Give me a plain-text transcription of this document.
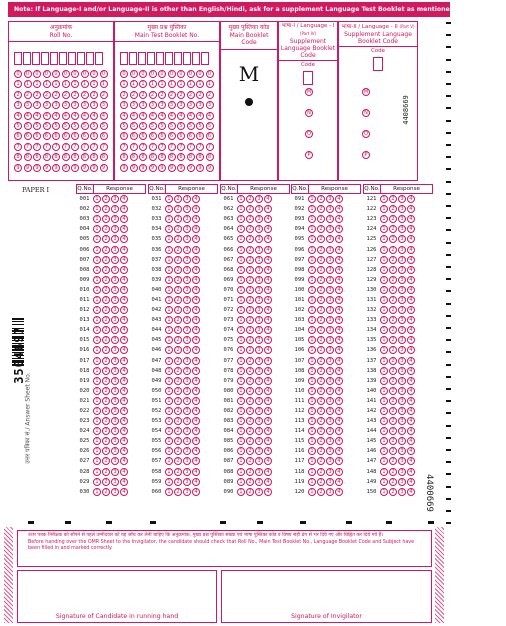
Note: If Language-I and/or Language-II is other than English/Hindi, ask for a supplement Language Test Booklet as mentioned in Admit card.
अनुक्रमांक
Roll No.
0	0	0	0	0	0	0	0	0	0
1	1	1	1	1	1	1	1	1	1
2	2	2	2	2	2	2	2	2	2
3	3	3	3	3	3	3	3	3	3
4	4	4	4	4	4	4	4	4	4
5	5	5	5	5	5	5	5	5	5
6	6	6	6	6	6	6	6	6	6
7	7	7	7	7	7	7	7	7	7
8	8	8	8	8	8	8	8	8	8
9	9	9	9	9	9	9	9	9	9
मुख्य प्रश्न पुस्तिका
Main Test Booklet No.
0	0	0	0	0	0	0	0	0	0
1	1	1	1	1	1	1	1	1	1
2	2	2	2	2	2	2	2	2	2
3	3	3	3	3	3	3	3	3	3
4	4	4	4	4	4	4	4	4	4
5	5	5	5	5	5	5	5	5	5
6	6	6	6	6	6	6	6	6	6
7	7	7	7	7	7	7	7	7	7
8	8	8	8	8	8	8	8	8	8
9	9	9	9	9	9	9	9	9	9
मुख्य पुस्तिका कोड
Main Booklet Code
M
भाषा-I / Language - I (Part IV)
Supplement Language Booklet Code
Code
M
N
O
P
भाषा-II / Language - II (Part V)
Supplement Language Booklet Code
Code
M
N
O
P
4408669
PAPER I	Q.No.	Response
001	1	2	3	4
002	1	2	3	4
003	1	2	3	4
004	1	2	3	4
005	1	2	3	4
006	1	2	3	4
007	1	2	3	4
008	1	2	3	4
009	1	2	3	4
010	1	2	3	4
011	1	2	3	4
012	1	2	3	4
013	1	2	3	4
014	1	2	3	4
015	1	2	3	4
016	1	2	3	4
017	1	2	3	4
018	1	2	3	4
019	1	2	3	4
020	1	2	3	4
021	1	2	3	4
022	1	2	3	4
023	1	2	3	4
024	1	2	3	4
025	1	2	3	4
026	1	2	3	4
027	1	2	3	4
028	1	2	3	4
029	1	2	3	4
030	1	2	3	4
Q.No.	Response
031	1	2	3	4
032	1	2	3	4
033	1	2	3	4
034	1	2	3	4
035	1	2	3	4
036	1	2	3	4
037	1	2	3	4
038	1	2	3	4
039	1	2	3	4
040	1	2	3	4
041	1	2	3	4
042	1	2	3	4
043	1	2	3	4
044	1	2	3	4
045	1	2	3	4
046	1	2	3	4
047	1	2	3	4
048	1	2	3	4
049	1	2	3	4
050	1	2	3	4
051	1	2	3	4
052	1	2	3	4
053	1	2	3	4
054	1	2	3	4
055	1	2	3	4
056	1	2	3	4
057	1	2	3	4
058	1	2	3	4
059	1	2	3	4
060	1	2	3	4
Q.No.	Response
061	1	2	3	4
062	1	2	3	4
063	1	2	3	4
064	1	2	3	4
065	1	2	3	4
066	1	2	3	4
067	1	2	3	4
068	1	2	3	4
069	1	2	3	4
070	1	2	3	4
071	1	2	3	4
072	1	2	3	4
073	1	2	3	4
074	1	2	3	4
075	1	2	3	4
076	1	2	3	4
077	1	2	3	4
078	1	2	3	4
079	1	2	3	4
080	1	2	3	4
081	1	2	3	4
082	1	2	3	4
083	1	2	3	4
084	1	2	3	4
085	1	2	3	4
086	1	2	3	4
087	1	2	3	4
088	1	2	3	4
089	1	2	3	4
090	1	2	3	4
Q.No.	Response
091	1	2	3	4
092	1	2	3	4
093	1	2	3	4
094	1	2	3	4
095	1	2	3	4
096	1	2	3	4
097	1	2	3	4
098	1	2	3	4
099	1	2	3	4
100	1	2	3	4
101	1	2	3	4
102	1	2	3	4
103	1	2	3	4
104	1	2	3	4
105	1	2	3	4
106	1	2	3	4
107	1	2	3	4
108	1	2	3	4
109	1	2	3	4
110	1	2	3	4
111	1	2	3	4
112	1	2	3	4
113	1	2	3	4
114	1	2	3	4
115	1	2	3	4
116	1	2	3	4
117	1	2	3	4
118	1	2	3	4
119	1	2	3	4
120	1	2	3	4
Q.No.	Response
121	1	2	3	4
122	1	2	3	4
123	1	2	3	4
124	1	2	3	4
125	1	2	3	4
126	1	2	3	4
127	1	2	3	4
128	1	2	3	4
129	1	2	3	4
130	1	2	3	4
131	1	2	3	4
132	1	2	3	4
133	1	2	3	4
134	1	2	3	4
135	1	2	3	4
136	1	2	3	4
137	1	2	3	4
138	1	2	3	4
139	1	2	3	4
140	1	2	3	4
141	1	2	3	4
142	1	2	3	4
143	1	2	3	4
144	1	2	3	4
145	1	2	3	4
146	1	2	3	4
147	1	2	3	4
148	1	2	3	4
149	1	2	3	4
150	1	2	3	4
उत्तर पत्रिका सं./ Answer Sheet No.
3504697
4400669
उत्तर पत्रक निरीक्षक को सौंपने से पहले उम्मीदवार को यह जाँच कर लेनी चाहिए कि अनुक्रमांक, मुख्य प्रश्न पुस्तिका संख्या एवं भाषा पुस्तिका कोड व विषय सही ढंग से भर दिये गए और चिह्नित कर दिये गये हैं।
Before handing over the OMR Sheet to the Invigilator, the candidate should check that Roll No., Main Test Booklet No., Language Booklet Code and Subject have been filled in and marked correctly.
Signature of Candidate in running hand	Signature of Invigilator
